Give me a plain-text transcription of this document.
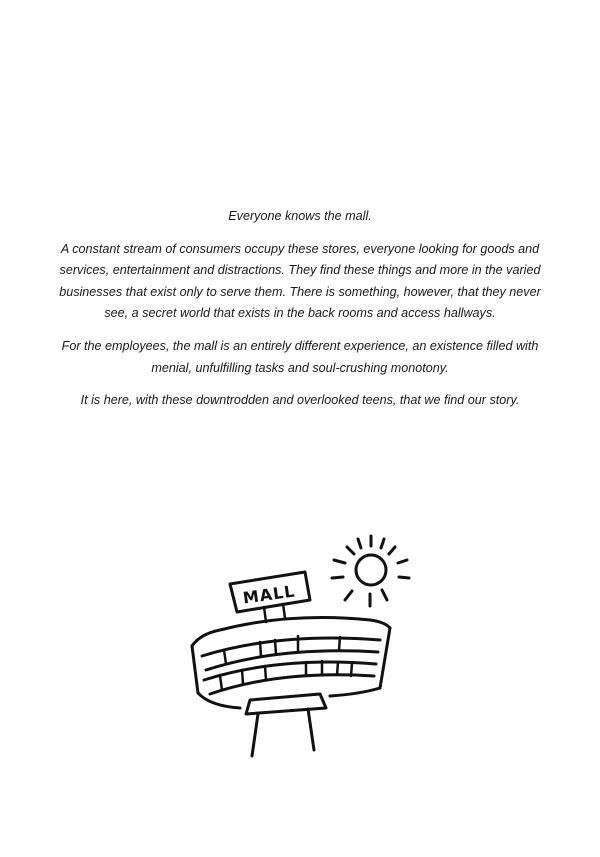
Everyone knows the mall.

A constant stream of consumers occupy these stores, everyone looking for goods and services, entertainment and distractions. They find these things and more in the varied businesses that exist only to serve them. There is something, however, that they never see, a secret world that exists in the back rooms and access hallways.

For the employees, the mall is an entirely different experience, an existence filled with menial, unfulfilling tasks and soul-crushing monotony.

It is here, with these downtrodden and overlooked teens, that we find our story.

MALL
